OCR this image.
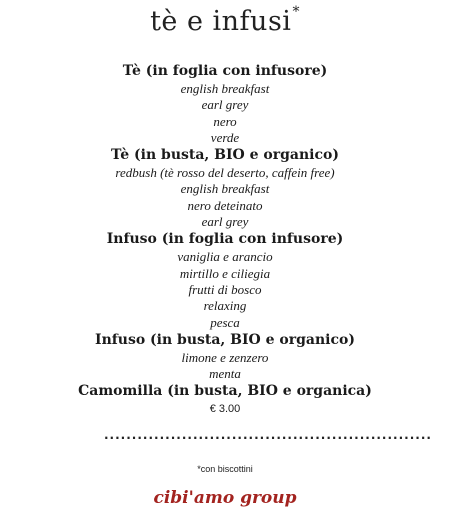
tè e infusi*
Tè (in foglia con infusore)
english breakfast
earl grey
nero
verde
Tè (in busta, BIO e organico)
redbush (tè rosso del deserto, caffein free)
english breakfast
nero deteinato
earl grey
Infuso (in foglia con infusore)
vaniglia e arancio
mirtillo e ciliegia
frutti di bosco
relaxing
pesca
Infuso (in busta, BIO e organico)
limone e zenzero
menta
Camomilla (in busta, BIO e organica)
€ 3.00
...........................................................
*con biscottini
cibi'amo group
